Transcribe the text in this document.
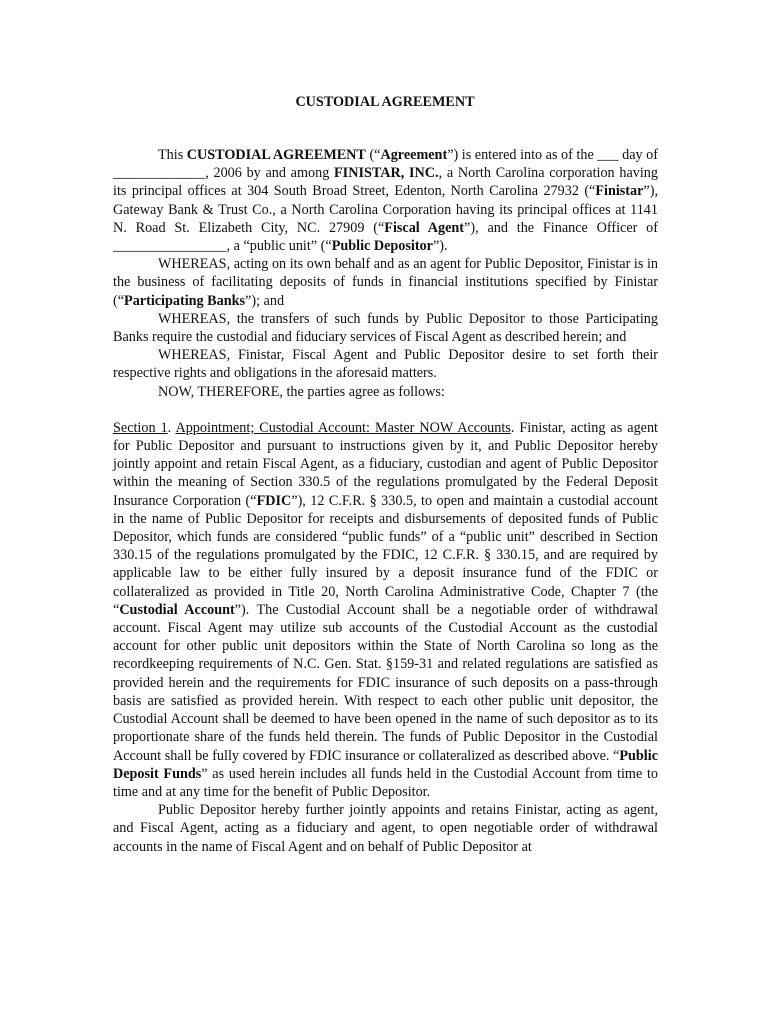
CUSTODIAL AGREEMENT

This CUSTODIAL AGREEMENT (“Agreement”) is entered into as of the ___ day of _____________, 2006 by and among FINISTAR, INC., a North Carolina corporation having its principal offices at 304 South Broad Street, Edenton, North Carolina 27932 (“Finistar”), Gateway Bank & Trust Co., a North Carolina Corporation having its principal offices at 1141 N. Road St. Elizabeth City, NC. 27909 (“Fiscal Agent”), and the Finance Officer of ________________, a “public unit” (“Public Depositor”).

WHEREAS, acting on its own behalf and as an agent for Public Depositor, Finistar is in the business of facilitating deposits of funds in financial institutions specified by Finistar (“Participating Banks”); and

WHEREAS, the transfers of such funds by Public Depositor to those Participating Banks require the custodial and fiduciary services of Fiscal Agent as described herein; and

WHEREAS, Finistar, Fiscal Agent and Public Depositor desire to set forth their respective rights and obligations in the aforesaid matters.

NOW, THEREFORE, the parties agree as follows:

Section 1. Appointment; Custodial Account: Master NOW Accounts. Finistar, acting as agent for Public Depositor and pursuant to instructions given by it, and Public Depositor hereby jointly appoint and retain Fiscal Agent, as a fiduciary, custodian and agent of Public Depositor within the meaning of Section 330.5 of the regulations promulgated by the Federal Deposit Insurance Corporation (“FDIC”), 12 C.F.R. § 330.5, to open and maintain a custodial account in the name of Public Depositor for receipts and disbursements of deposited funds of Public Depositor, which funds are considered “public funds” of a “public unit” described in Section 330.15 of the regulations promulgated by the FDIC, 12 C.F.R. § 330.15, and are required by applicable law to be either fully insured by a deposit insurance fund of the FDIC or collateralized as provided in Title 20, North Carolina Administrative Code, Chapter 7 (the “Custodial Account”). The Custodial Account shall be a negotiable order of withdrawal account. Fiscal Agent may utilize sub accounts of the Custodial Account as the custodial account for other public unit depositors within the State of North Carolina so long as the recordkeeping requirements of N.C. Gen. Stat. §159-31 and related regulations are satisfied as provided herein and the requirements for FDIC insurance of such deposits on a pass-through basis are satisfied as provided herein. With respect to each other public unit depositor, the Custodial Account shall be deemed to have been opened in the name of such depositor as to its proportionate share of the funds held therein. The funds of Public Depositor in the Custodial Account shall be fully covered by FDIC insurance or collateralized as described above. “Public Deposit Funds” as used herein includes all funds held in the Custodial Account from time to time and at any time for the benefit of Public Depositor.

Public Depositor hereby further jointly appoints and retains Finistar, acting as agent, and Fiscal Agent, acting as a fiduciary and agent, to open negotiable order of withdrawal accounts in the name of Fiscal Agent and on behalf of Public Depositor at
